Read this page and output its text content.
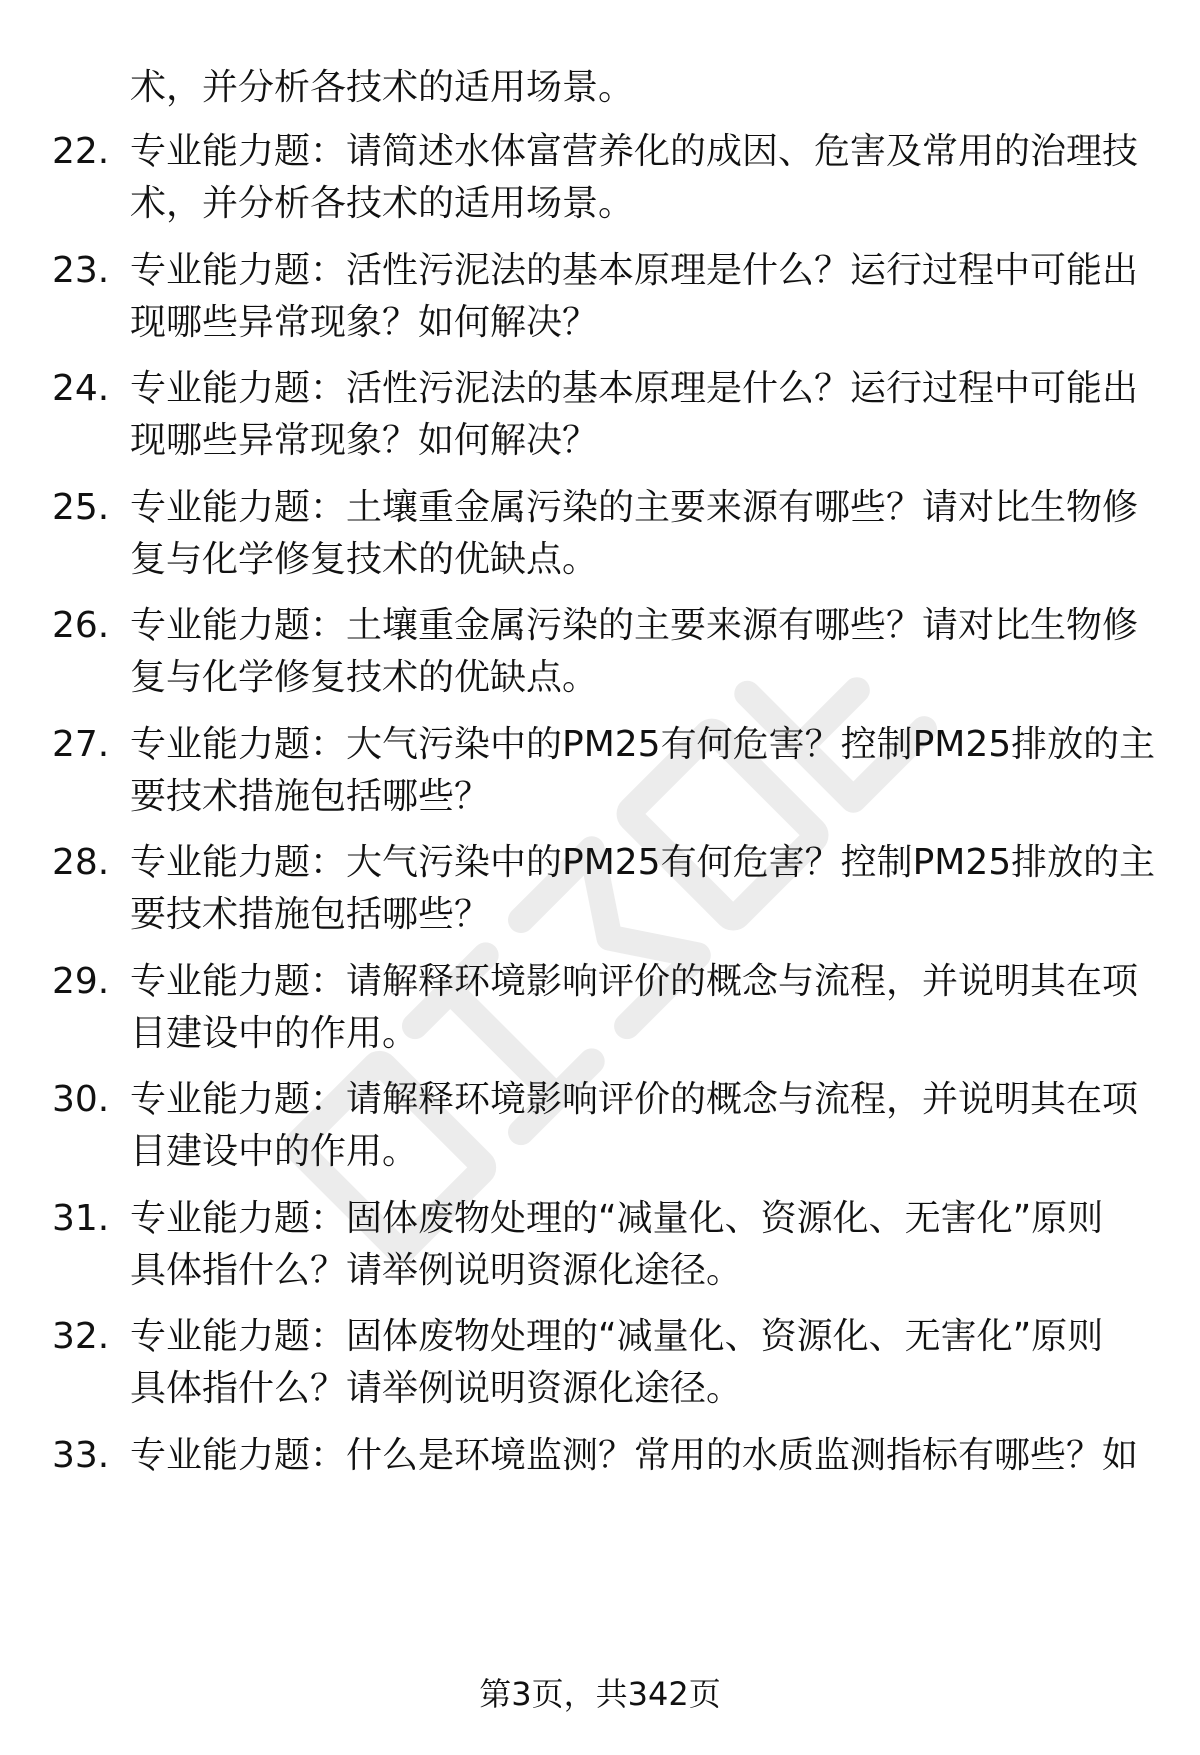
术，并分析各技术的适用场景。
22. 专业能力题：请简述水体富营养化的成因、危害及常用的治理技
术，并分析各技术的适用场景。
23. 专业能力题：活性污泥法的基本原理是什么？运行过程中可能出
现哪些异常现象？如何解决？
24. 专业能力题：活性污泥法的基本原理是什么？运行过程中可能出
现哪些异常现象？如何解决？
25. 专业能力题：土壤重金属污染的主要来源有哪些？请对比生物修
复与化学修复技术的优缺点。
26. 专业能力题：土壤重金属污染的主要来源有哪些？请对比生物修
复与化学修复技术的优缺点。
27. 专业能力题：大气污染中的PM25有何危害？控制PM25排放的主
要技术措施包括哪些？
28. 专业能力题：大气污染中的PM25有何危害？控制PM25排放的主
要技术措施包括哪些？
29. 专业能力题：请解释环境影响评价的概念与流程，并说明其在项
目建设中的作用。
30. 专业能力题：请解释环境影响评价的概念与流程，并说明其在项
目建设中的作用。
31. 专业能力题：固体废物处理的“减量化、资源化、无害化”原则
具体指什么？请举例说明资源化途径。
32. 专业能力题：固体废物处理的“减量化、资源化、无害化”原则
具体指什么？请举例说明资源化途径。
33. 专业能力题：什么是环境监测？常用的水质监测指标有哪些？如
第3页，共342页
